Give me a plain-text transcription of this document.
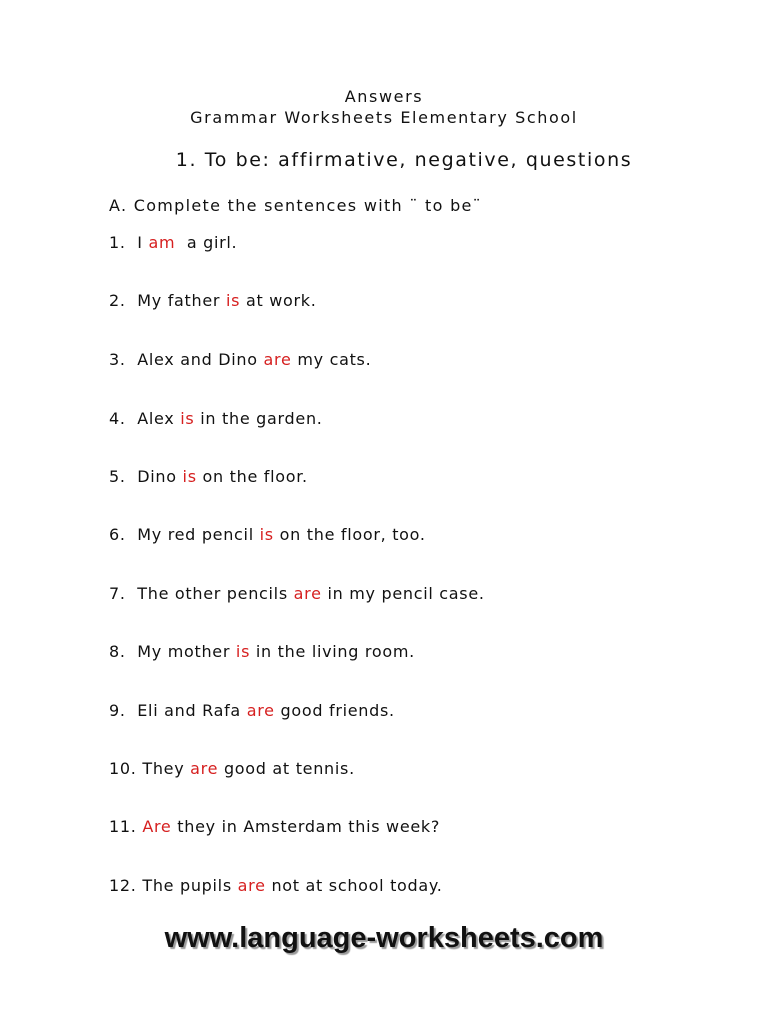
Answers
Grammar Worksheets Elementary School
1. To be: affirmative, negative, questions
A. Complete the sentences with ¨ to be¨
1. I am a girl.
2. My father is at work.
3. Alex and Dino are my cats.
4. Alex is in the garden.
5. Dino is on the floor.
6. My red pencil is on the floor, too.
7. The other pencils are in my pencil case.
8. My mother is in the living room.
9. Eli and Rafa are good friends.
10. They are good at tennis.
11. Are they in Amsterdam this week?
12. The pupils are not at school today.
www.language-worksheets.com
